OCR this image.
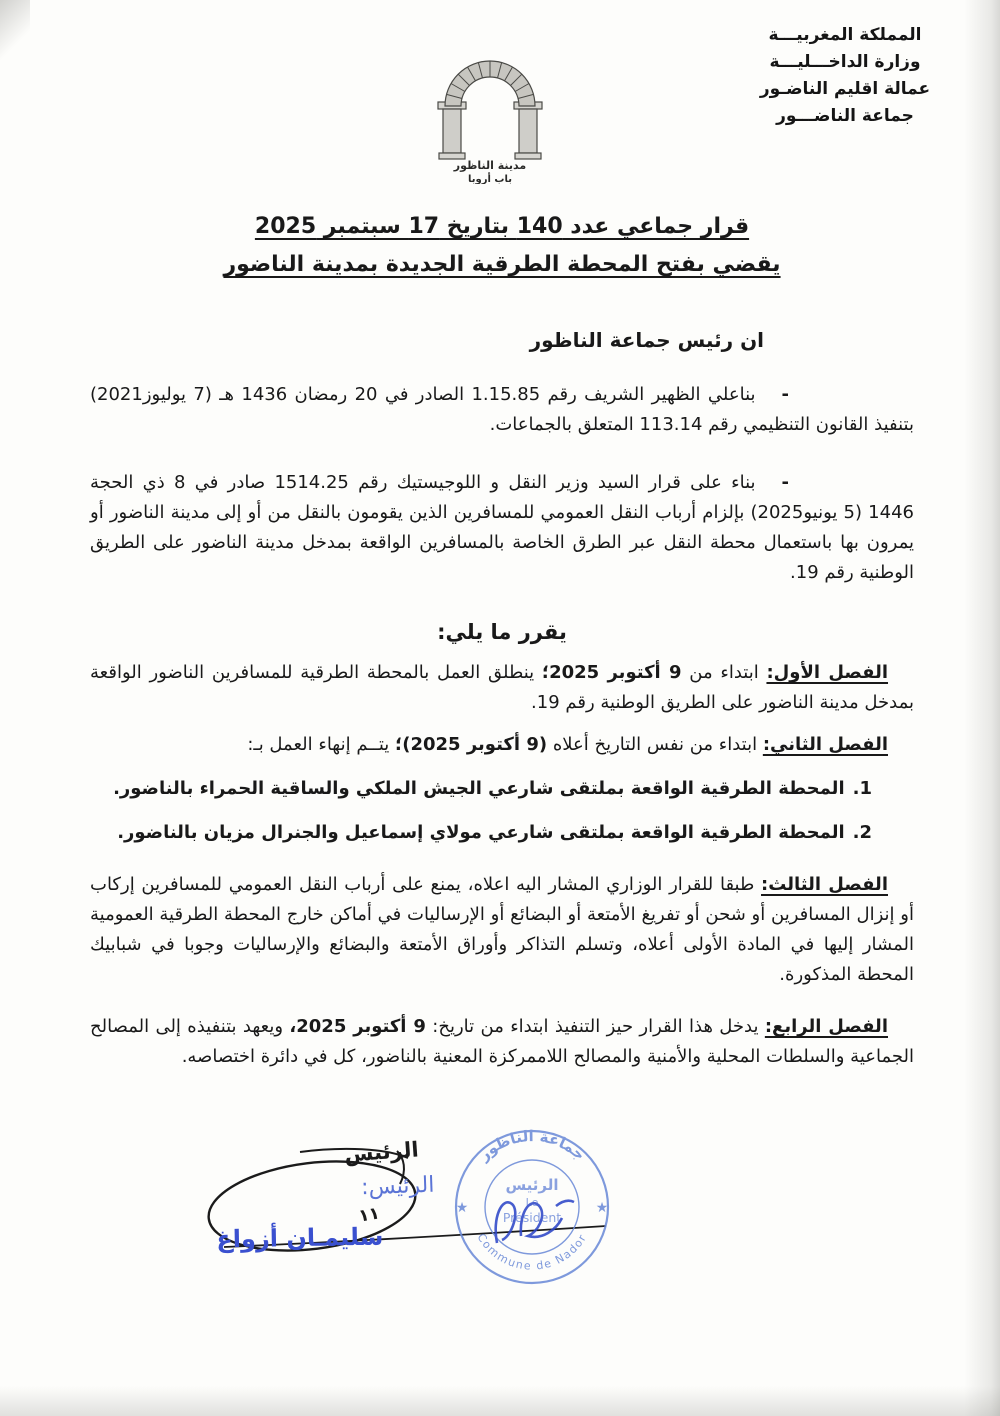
المملكة المغربيـــة
وزارة الداخـــليـــة
عمالة اقليم الناضـور
جماعة الناضـــور
مدينة الناظور
باب أروبا

قرار جماعي عدد 140 بتاريخ 17 سبتمبر 2025
يقضي بفتح المحطة الطرقية الجديدة بمدينة الناضور

ان رئيس جماعة الناظور

-بناعلي الظهير الشريف رقم 1.15.85 الصادر في 20 رمضان 1436 هـ (7 يوليوز2021) بتنفيذ القانون التنظيمي رقم 113.14 المتعلق بالجماعات.

-بناء على قرار السيد وزير النقل و اللوجيستيك رقم 1514.25 صادر في 8 ذي الحجة 1446 (5 يونيو2025) بإلزام أرباب النقل العمومي للمسافرين الذين يقومون بالنقل من أو إلى مدينة الناضور أو يمرون بها باستعمال محطة النقل عبر الطرق الخاصة بالمسافرين الواقعة بمدخل مدينة الناضور على الطريق الوطنية رقم 19.

يقرر ما يلي:

الفصل الأول: ابتداء من 9 أكتوبر 2025؛ ينطلق العمل بالمحطة الطرقية للمسافرين الناضور الواقعة بمدخل مدينة الناضور على الطريق الوطنية رقم 19.

الفصل الثاني: ابتداء من نفس التاريخ أعلاه (9 أكتوبر 2025)؛ يتــم إنهاء العمل بـ:

1.المحطة الطرقية الواقعة بملتقى شارعي الجيش الملكي والساقية الحمراء بالناضور.

2.المحطة الطرقية الواقعة بملتقى شارعي مولاي إسماعيل والجنرال مزيان بالناضور.

الفصل الثالث: طبقا للقرار الوزاري المشار اليه اعلاه، يمنع على أرباب النقل العمومي للمسافرين إركاب أو إنزال المسافرين أو شحن أو تفريغ الأمتعة أو البضائع أو الإرساليات في أماكن خارج المحطة الطرقية العمومية المشار إليها في المادة الأولى أعلاه، وتسلم التذاكر وأوراق الأمتعة والبضائع والإرساليات وجوبا في شبابيك المحطة المذكورة.

الفصل الرابع: يدخل هذا القرار حيز التنفيذ ابتداء من تاريخ: 9 أكتوبر 2025، ويعهد بتنفيذه إلى المصالح الجماعية والسلطات المحلية والأمنية والمصالح اللاممركزة المعنية بالناضور، كل في دائرة اختصاصه.

الرئيس
الرئيس:
١١
سليمـان أزواغ
جماعة الناظور
Commune de Nador
★	★
الرئيس
Le
Président
